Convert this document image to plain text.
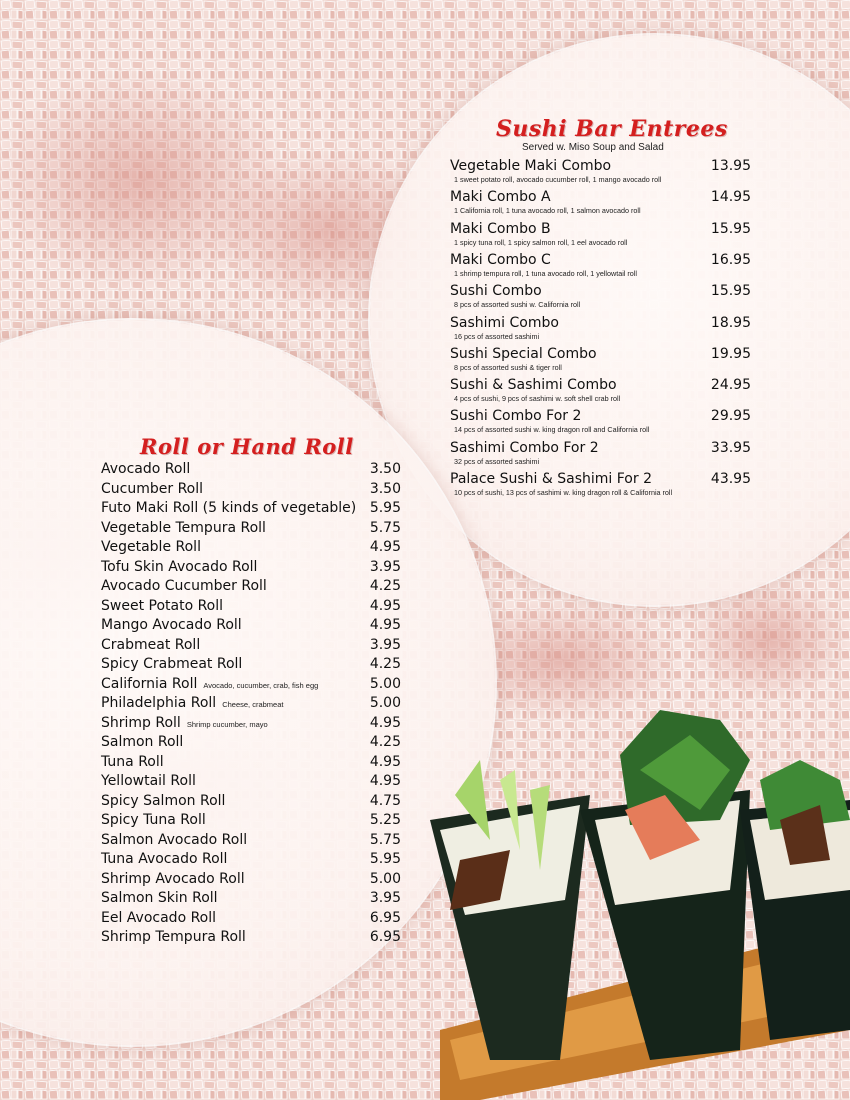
Sushi Bar Entrees
Served w. Miso Soup and Salad
Vegetable Maki Combo	13.95
1 sweet potato roll, avocado cucumber roll, 1 mango avocado roll
Maki Combo A	14.95
1 California roll, 1 tuna avocado roll, 1 salmon avocado roll
Maki Combo B	15.95
1 spicy tuna roll, 1 spicy salmon roll, 1 eel avocado roll
Maki Combo C	16.95
1 shrimp tempura roll, 1 tuna avocado roll, 1 yellowtail roll
Sushi Combo	15.95
8 pcs of assorted sushi w. California roll
Sashimi Combo	18.95
16 pcs of assorted sashimi
Sushi Special Combo	19.95
8 pcs of assorted sushi & tiger roll
Sushi & Sashimi Combo	24.95
4 pcs of sushi, 9 pcs of sashimi w. soft shell crab roll
Sushi Combo For 2	29.95
14 pcs of assorted sushi w. king dragon roll and California roll
Sashimi Combo For 2	33.95
32 pcs of assorted sashimi
Palace Sushi & Sashimi For 2	43.95
10 pcs of sushi, 13 pcs of sashimi w. king dragon roll & California roll
Roll or Hand Roll
Avocado Roll	3.50
Cucumber Roll	3.50
Futo Maki Roll (5 kinds of vegetable) 5.95
Vegetable Tempura Roll	5.75
Vegetable Roll	4.95
Tofu Skin Avocado Roll	3.95
Avocado Cucumber Roll	4.25
Sweet Potato Roll	4.95
Mango Avocado Roll	4.95
Crabmeat Roll	3.95
Spicy Crabmeat Roll	4.25
California Roll Avocado, cucumber, crab, fish egg	5.00
Philadelphia Roll Cheese, crabmeat	5.00
Shrimp Roll Shrimp cucumber, mayo	4.95
Salmon Roll	4.25
Tuna Roll	4.95
Yellowtail Roll	4.95
Spicy Salmon Roll	4.75
Spicy Tuna Roll	5.25
Salmon Avocado Roll	5.75
Tuna Avocado Roll	5.95
Shrimp Avocado Roll	5.00
Salmon Skin Roll	3.95
Eel Avocado Roll	6.95
Shrimp Tempura Roll	6.95
